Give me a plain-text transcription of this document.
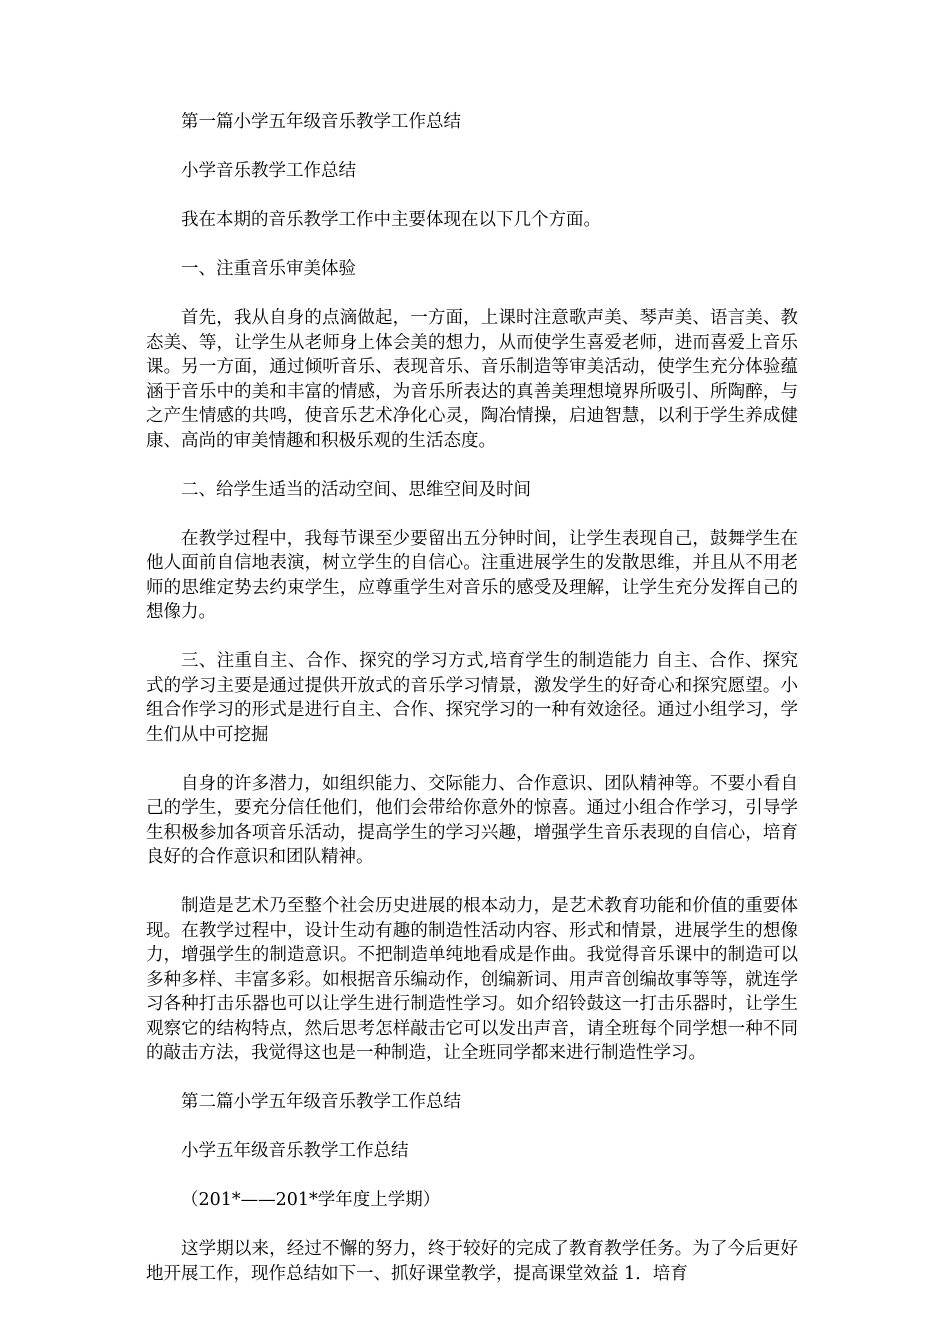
第一篇小学五年级音乐教学工作总结

小学音乐教学工作总结

我在本期的音乐教学工作中主要体现在以下几个方面。

一、注重音乐审美体验

首先，我从自身的点滴做起，一方面，上课时注意歌声美、琴声美、语言美、教态美、等，让学生从老师身上体会美的想力，从而使学生喜爱老师，进而喜爱上音乐课。另一方面，通过倾听音乐、表现音乐、音乐制造等审美活动，使学生充分体验蕴涵于音乐中的美和丰富的情感，为音乐所表达的真善美理想境界所吸引、所陶醉，与之产生情感的共鸣，使音乐艺术净化心灵，陶冶情操，启迪智慧，以利于学生养成健康、高尚的审美情趣和积极乐观的生活态度。

二、给学生适当的活动空间、思维空间及时间

在教学过程中，我每节课至少要留出五分钟时间，让学生表现自己，鼓舞学生在他人面前自信地表演，树立学生的自信心。注重进展学生的发散思维，并且从不用老师的思维定势去约束学生，应尊重学生对音乐的感受及理解，让学生充分发挥自己的想像力。

三、注重自主、合作、探究的学习方式,培育学生的制造能力 自主、合作、探究式的学习主要是通过提供开放式的音乐学习情景，激发学生的好奇心和探究愿望。小组合作学习的形式是进行自主、合作、探究学习的一种有效途径。通过小组学习，学生们从中可挖掘

自身的许多潜力，如组织能力、交际能力、合作意识、团队精神等。不要小看自己的学生，要充分信任他们，他们会带给你意外的惊喜。通过小组合作学习，引导学生积极参加各项音乐活动，提高学生的学习兴趣，增强学生音乐表现的自信心，培育良好的合作意识和团队精神。

制造是艺术乃至整个社会历史进展的根本动力，是艺术教育功能和价值的重要体现。在教学过程中，设计生动有趣的制造性活动内容、形式和情景，进展学生的想像力，增强学生的制造意识。不把制造单纯地看成是作曲。我觉得音乐课中的制造可以多种多样、丰富多彩。如根据音乐编动作，创编新词、用声音创编故事等等，就连学习各种打击乐器也可以让学生进行制造性学习。如介绍铃鼓这一打击乐器时，让学生观察它的结构特点，然后思考怎样敲击它可以发出声音，请全班每个同学想一种不同的敲击方法，我觉得这也是一种制造，让全班同学都来进行制造性学习。

第二篇小学五年级音乐教学工作总结

小学五年级音乐教学工作总结

（201*——201*学年度上学期）

这学期以来，经过不懈的努力，终于较好的完成了教育教学任务。为了今后更好地开展工作，现作总结如下一、抓好课堂教学，提高课堂效益 1．培育
